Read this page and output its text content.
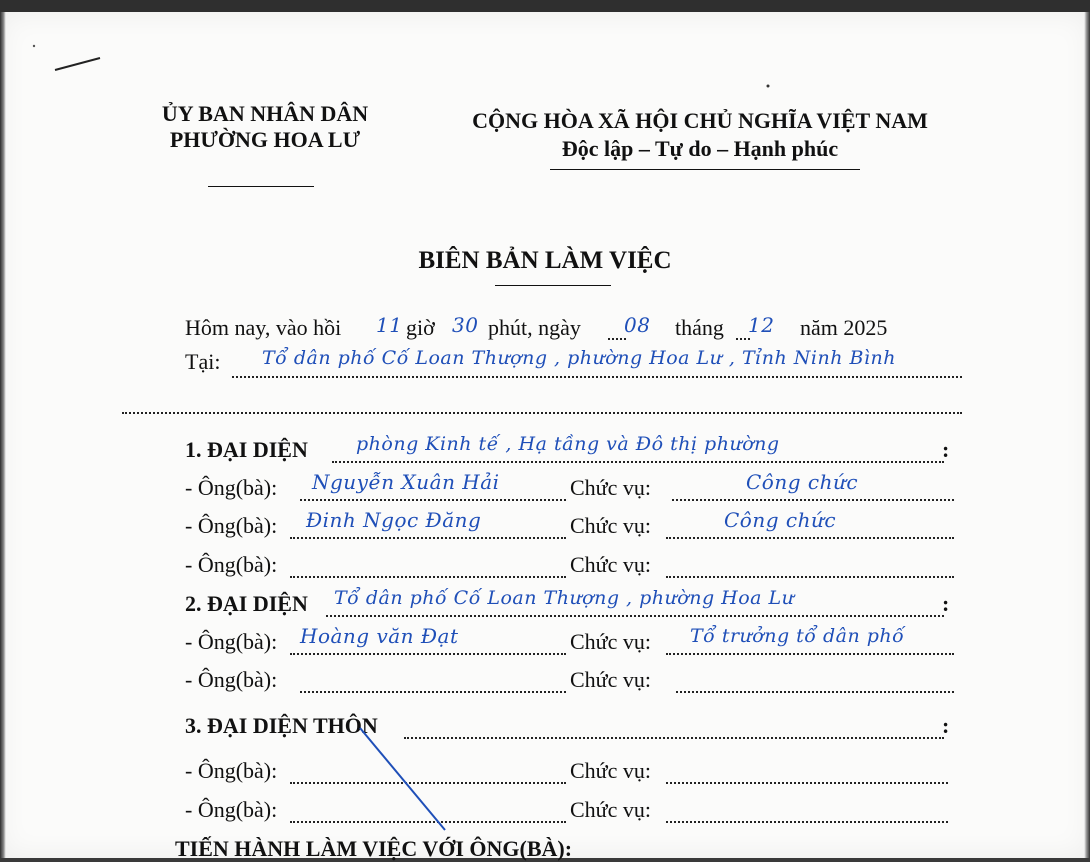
ỦY BAN NHÂN DÂN
PHƯỜNG HOA LƯ
CỘNG HÒA XÃ HỘI CHỦ NGHĨA VIỆT NAM
Độc lập – Tự do – Hạnh phúc
BIÊN BẢN LÀM VIỆC
Hôm nay, vào hồi 11 giờ 30 phút, ngày 08 tháng 12 năm 2025
Tại: Tổ dân phố Cố Loan Thượng , phường Hoa Lư , Tỉnh Ninh Bình
1. ĐẠI DIỆN	:
phòng Kinh tế , Hạ tầng và Đô thị phường
- Ông(bà): Nguyễn Xuân Hải	Chức vụ:	Công chức
- Ông(bà): Đinh Ngọc Đăng	Chức vụ:	Công chức
- Ông(bà):	Chức vụ:
2. ĐẠI DIỆN	:
Tổ dân phố Cố Loan Thượng , phường Hoa Lư
- Ông(bà): Hoàng văn Đạt	Chức vụ: Tổ trưởng tổ dân phố
- Ông(bà):	Chức vụ:
3. ĐẠI DIỆN THÔN	:
- Ông(bà):	Chức vụ:
- Ông(bà):	Chức vụ:
TIẾN HÀNH LÀM VIỆC VỚI ÔNG(BÀ):
